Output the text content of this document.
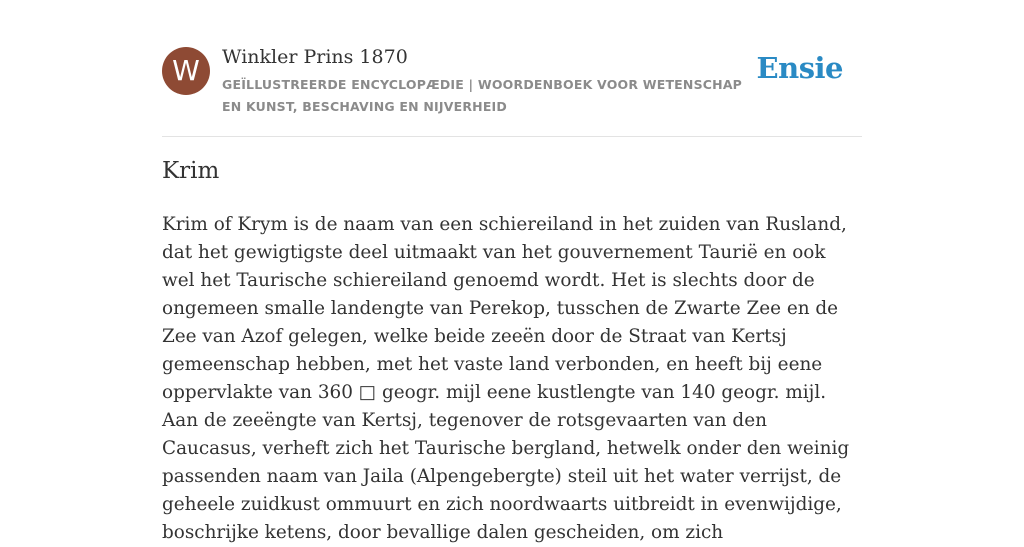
W	Winkler Prins 1870
GEÏLLUSTREERDE ENCYCLOPÆDIE | WOORDENBOEK VOOR WETENSCHAP EN KUNST, BESCHAVING EN NIJVERHEID
Ensie
Krim

Krim of Krym is de naam van een schiereiland in het zuiden van Rusland, dat het gewigtigste deel uitmaakt van het gouvernement Taurië en ook wel het Taurische schiereiland genoemd wordt. Het is slechts door de ongemeen smalle landengte van Perekop, tusschen de Zwarte Zee en de Zee van Azof gelegen, welke beide zeeën door de Straat van Kertsj gemeenschap hebben, met het vaste land verbonden, en heeft bij eene oppervlakte van 360 □ geogr. mijl eene kustlengte van 140 geogr. mijl. Aan de zeeëngte van Kertsj, tegenover de rotsgevaarten van den Caucasus, verheft zich het Taurische bergland, hetwelk onder den weinig passenden naam van Jaila (Alpengebergte) steil uit het water verrijst, de geheele zuidkust ommuurt en zich noordwaarts uitbreidt in evenwijdige, boschrijke ketens, door bevallige dalen gescheiden, om zich
